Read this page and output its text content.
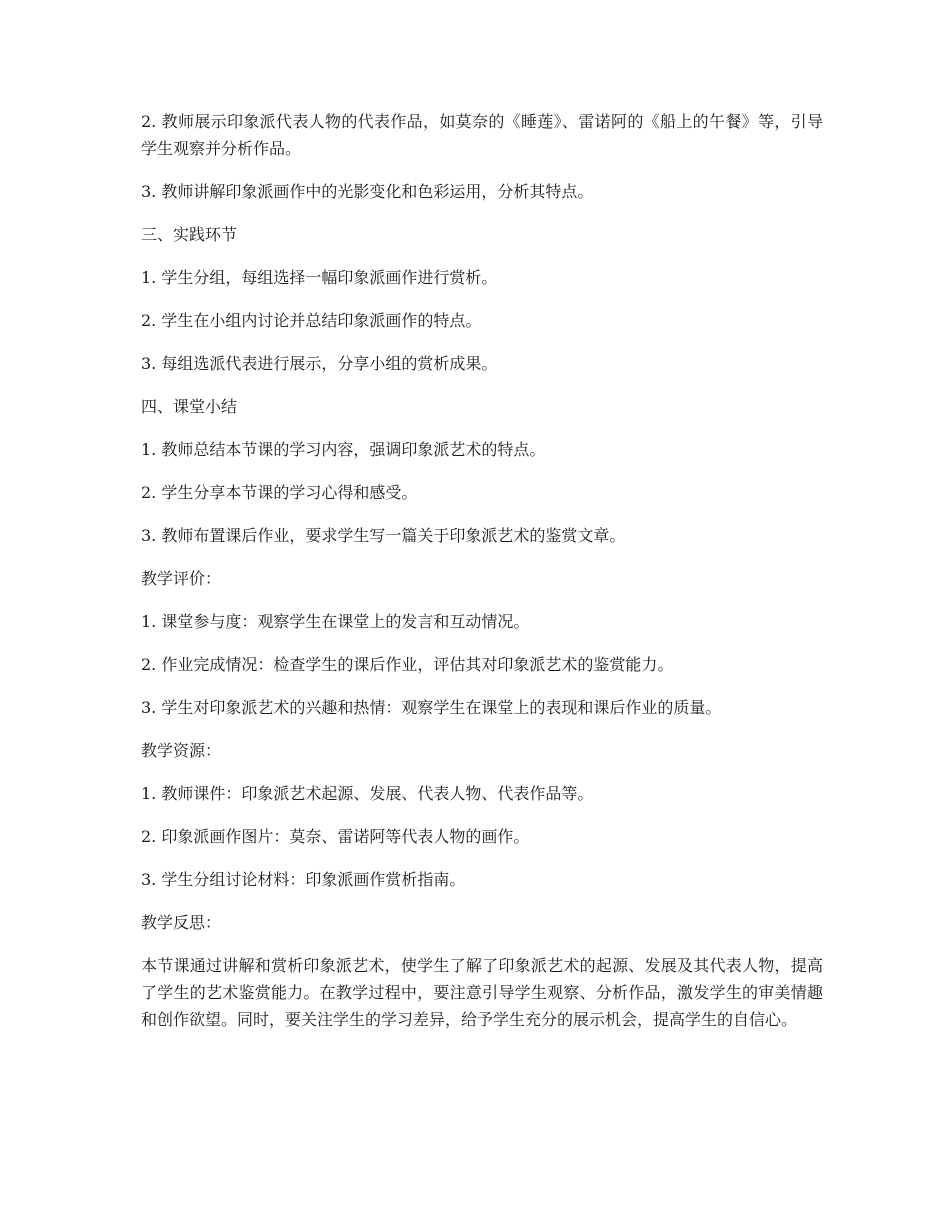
2. 教师展示印象派代表人物的代表作品，如莫奈的《睡莲》、雷诺阿的《船上的午餐》等，引导学生观察并分析作品。

3. 教师讲解印象派画作中的光影变化和色彩运用，分析其特点。

三、实践环节

1. 学生分组，每组选择一幅印象派画作进行赏析。

2. 学生在小组内讨论并总结印象派画作的特点。

3. 每组选派代表进行展示，分享小组的赏析成果。

四、课堂小结

1. 教师总结本节课的学习内容，强调印象派艺术的特点。

2. 学生分享本节课的学习心得和感受。

3. 教师布置课后作业，要求学生写一篇关于印象派艺术的鉴赏文章。

教学评价：

1. 课堂参与度：观察学生在课堂上的发言和互动情况。

2. 作业完成情况：检查学生的课后作业，评估其对印象派艺术的鉴赏能力。

3. 学生对印象派艺术的兴趣和热情：观察学生在课堂上的表现和课后作业的质量。

教学资源：

1. 教师课件：印象派艺术起源、发展、代表人物、代表作品等。

2. 印象派画作图片：莫奈、雷诺阿等代表人物的画作。

3. 学生分组讨论材料：印象派画作赏析指南。

教学反思：

本节课通过讲解和赏析印象派艺术，使学生了解了印象派艺术的起源、发展及其代表人物，提高了学生的艺术鉴赏能力。在教学过程中，要注意引导学生观察、分析作品，激发学生的审美情趣和创作欲望。同时，要关注学生的学习差异，给予学生充分的展示机会，提高学生的自信心。
